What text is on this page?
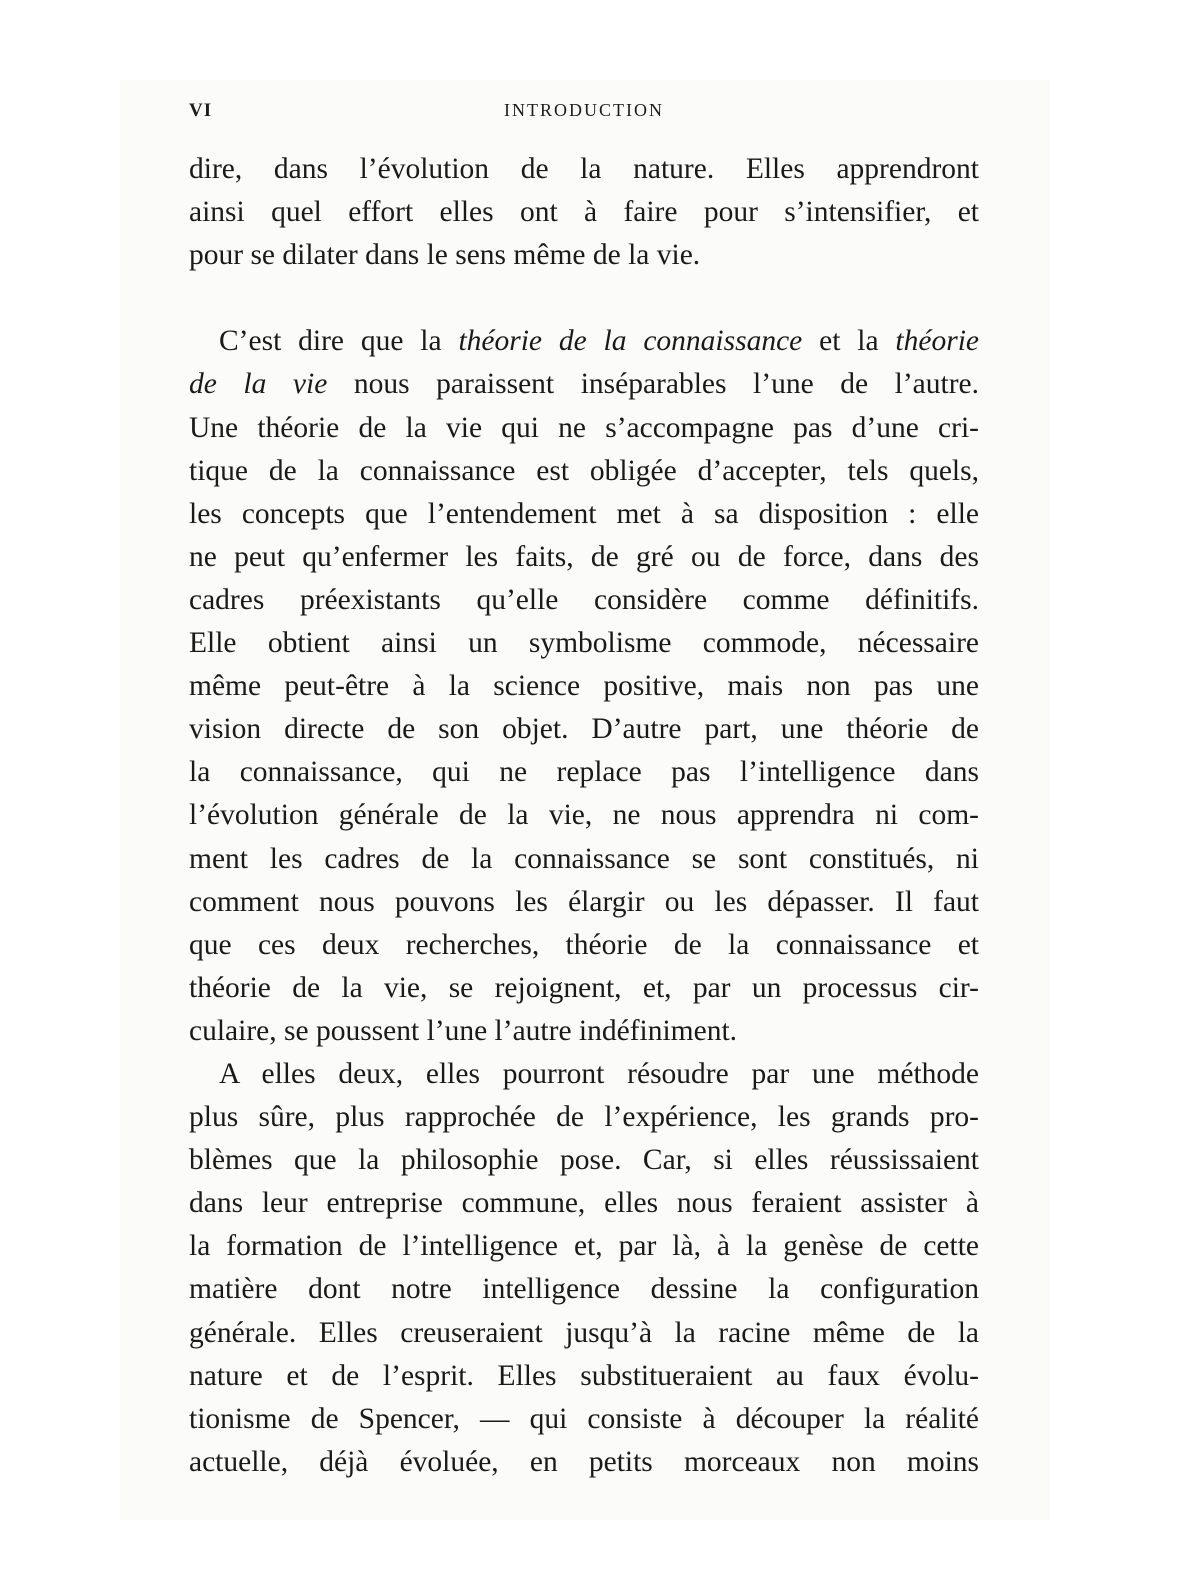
VI	INTRODUCTION
dire, dans l’évolution de la nature. Elles apprendront
ainsi quel effort elles ont à faire pour s’intensifier, et
pour se dilater dans le sens même de la vie.
C’est dire que la théorie de la connaissance et la théorie
de la vie nous paraissent inséparables l’une de l’autre.
Une théorie de la vie qui ne s’accompagne pas d’une cri-
tique de la connaissance est obligée d’accepter, tels quels,
les concepts que l’entendement met à sa disposition : elle
ne peut qu’enfermer les faits, de gré ou de force, dans des
cadres préexistants qu’elle considère comme définitifs.
Elle obtient ainsi un symbolisme commode, nécessaire
même peut-être à la science positive, mais non pas une
vision directe de son objet. D’autre part, une théorie de
la connaissance, qui ne replace pas l’intelligence dans
l’évolution générale de la vie, ne nous apprendra ni com-
ment les cadres de la connaissance se sont constitués, ni
comment nous pouvons les élargir ou les dépasser. Il faut
que ces deux recherches, théorie de la connaissance et
théorie de la vie, se rejoignent, et, par un processus cir-
culaire, se poussent l’une l’autre indéfiniment.
A elles deux, elles pourront résoudre par une méthode
plus sûre, plus rapprochée de l’expérience, les grands pro-
blèmes que la philosophie pose. Car, si elles réussissaient
dans leur entreprise commune, elles nous feraient assister à
la formation de l’intelligence et, par là, à la genèse de cette
matière dont notre intelligence dessine la configuration
générale. Elles creuseraient jusqu’à la racine même de la
nature et de l’esprit. Elles substitueraient au faux évolu-
tionisme de Spencer, — qui consiste à découper la réalité
actuelle, déjà évoluée, en petits morceaux non moins
